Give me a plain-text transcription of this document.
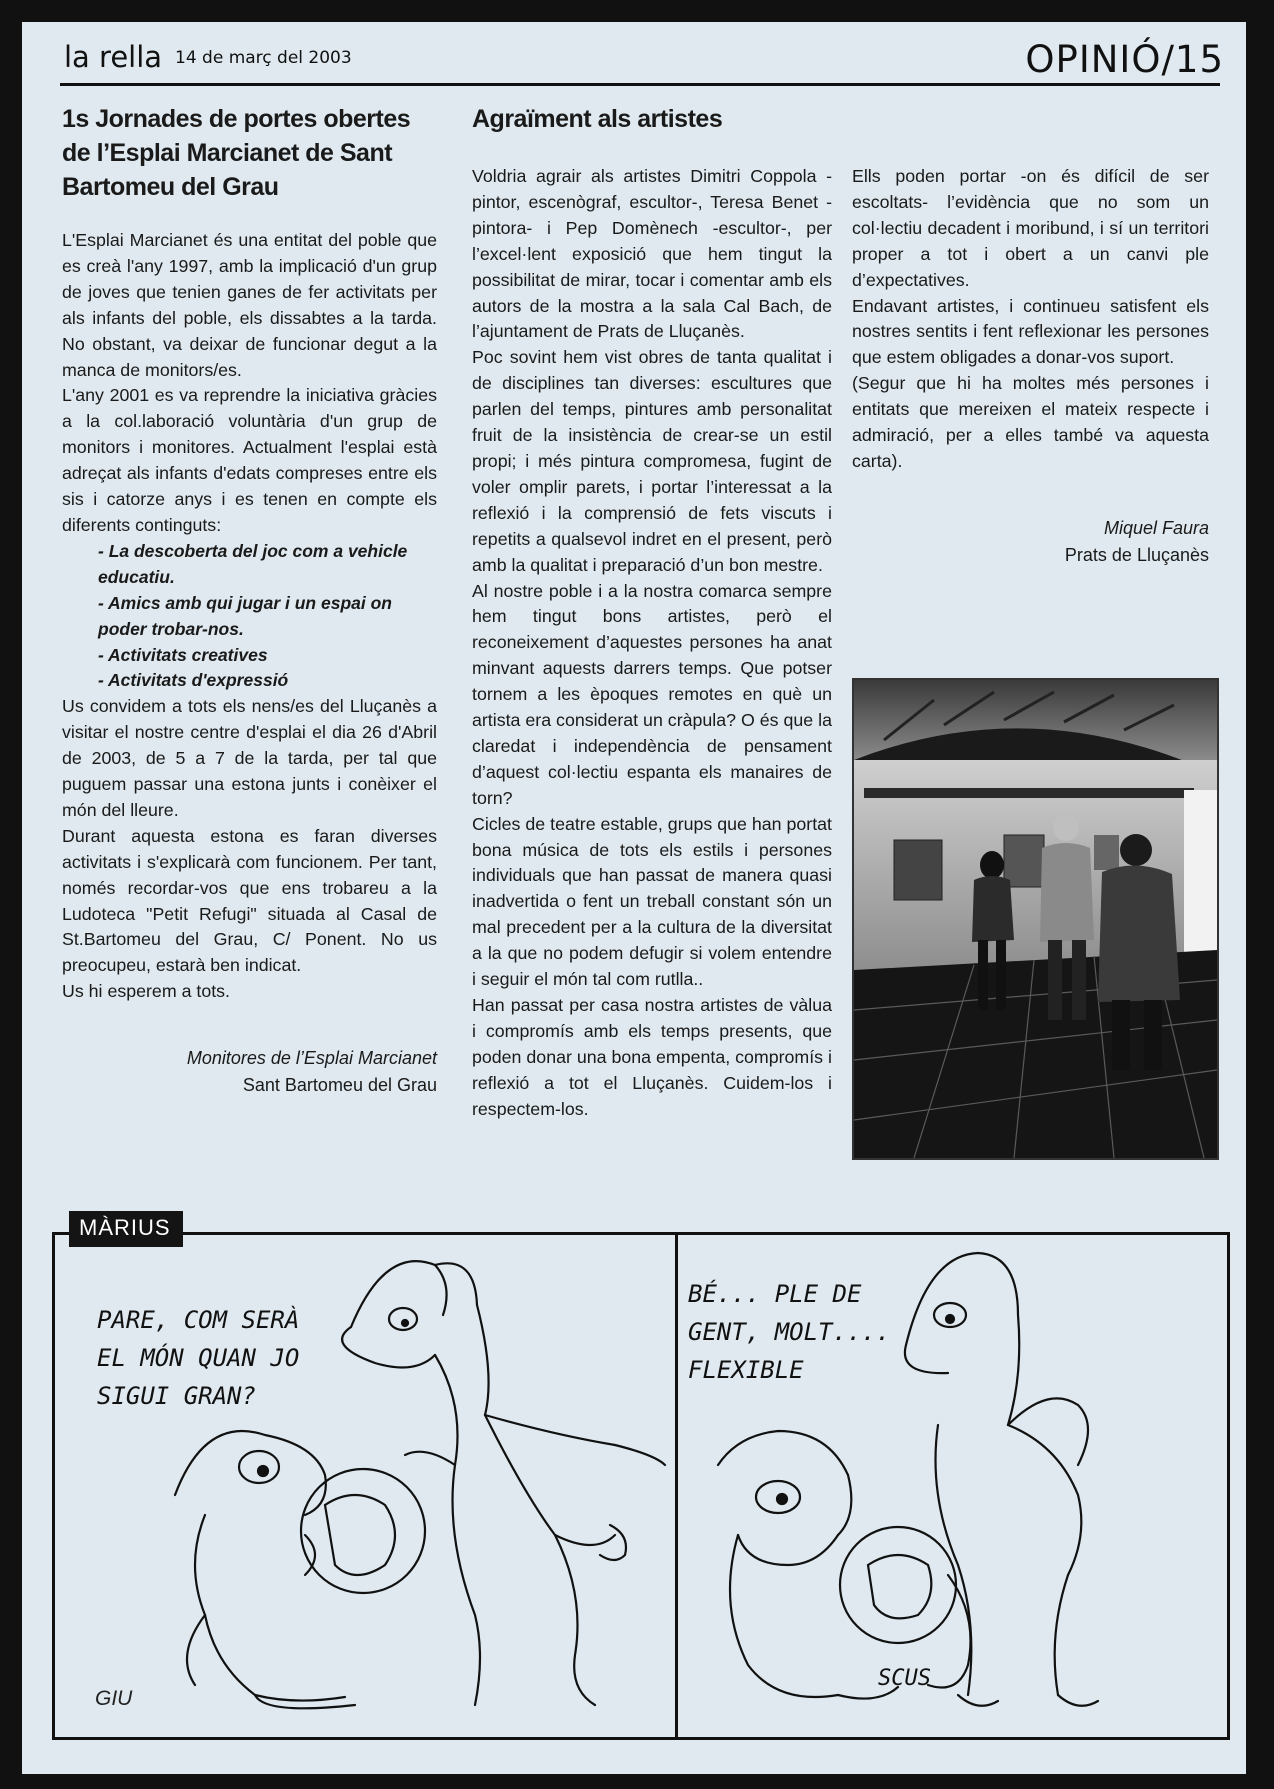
la rella 14 de març del 2003	OPINIÓ/15
1s Jornades de portes obertes de l’Esplai Marcianet de Sant Bartomeu del Grau

L'Esplai Marcianet és una entitat del poble que es creà l'any 1997, amb la implicació d'un grup de joves que tenien ganes de fer activitats per als infants del poble, els dissabtes a la tarda. No obstant, va deixar de funcionar degut a la manca de monitors/es.

L'any 2001 es va reprendre la iniciativa gràcies a la col.laboració voluntària d'un grup de monitors i monitores. Actualment l'esplai està adreçat als infants d'edats compreses entre els sis i catorze anys i es tenen en compte els diferents continguts:

- La descoberta del joc com a vehicle educatiu.
- Amics amb qui jugar i un espai on poder trobar-nos.
- Activitats creatives
- Activitats d'expressió

Us convidem a tots els nens/es del Lluçanès a visitar el nostre centre d'esplai el dia 26 d'Abril de 2003, de 5 a 7 de la tarda, per tal que puguem passar una estona junts i conèixer el món del lleure.

Durant aquesta estona es faran diverses activitats i s'explicarà com funcionem. Per tant, només recordar-vos que ens trobareu a la Ludoteca "Petit Refugi" situada al Casal de St.Bartomeu del Grau, C/ Ponent. No us preocupeu, estarà ben indicat.

Us hi esperem a tots.

Monitores de l’Esplai Marcianet
Sant Bartomeu del Grau
Agraïment als artistes

Voldria agrair als artistes Dimitri Coppola -pintor, escenògraf, escultor-, Teresa Benet -pintora- i Pep Domènech -escultor-, per l’excel·lent exposició que hem tingut la possibilitat de mirar, tocar i comentar amb els autors de la mostra a la sala Cal Bach, de l’ajuntament de Prats de Lluçanès.

Poc sovint hem vist obres de tanta qualitat i de disciplines tan diverses: escultures que parlen del temps, pintures amb personalitat fruit de la insistència de crear-se un estil propi; i més pintura compromesa, fugint de voler omplir parets, i portar l’interessat a la reflexió i la comprensió de fets viscuts i repetits a qualsevol indret en el present, però amb la qualitat i preparació d’un bon mestre.

Al nostre poble i a la nostra comarca sempre hem tingut bons artistes, però el reconeixement d’aquestes persones ha anat minvant aquests darrers temps. Que potser tornem a les èpoques remotes en què un artista era considerat un cràpula? O és que la claredat i independència de pensament d’aquest col·lectiu espanta els manaires de torn?

Cicles de teatre estable, grups que han portat bona música de tots els estils i persones individuals que han passat de manera quasi inadvertida o fent un treball constant són un mal precedent per a la cultura de la diversitat a la que no podem defugir si volem entendre i seguir el món tal com rutlla..

Han passat per casa nostra artistes de vàlua i compromís amb els temps presents, que poden donar una bona empenta, compromís i reflexió a tot el Lluçanès. Cuidem-los i respectem-los.

Ells poden portar -on és difícil de ser escoltats- l’evidència que no som un col·lectiu decadent i moribund, i sí un territori proper a tot i obert a un canvi ple d’expectatives.

Endavant artistes, i continueu satisfent els nostres sentits i fent reflexionar les persones que estem obligades a donar-vos suport.

(Segur que hi ha moltes més persones i entitats que mereixen el mateix respecte i admiració, per a elles també va aquesta carta).

Miquel Faura
Prats de Lluçanès
PARE, COM SERÀ EL MÓN QUAN JO SIGUI GRAN?
GIU
BÉ... PLE DE GENT, MOLT.... FLEXIBLE
SCUS
MÀRIUS
